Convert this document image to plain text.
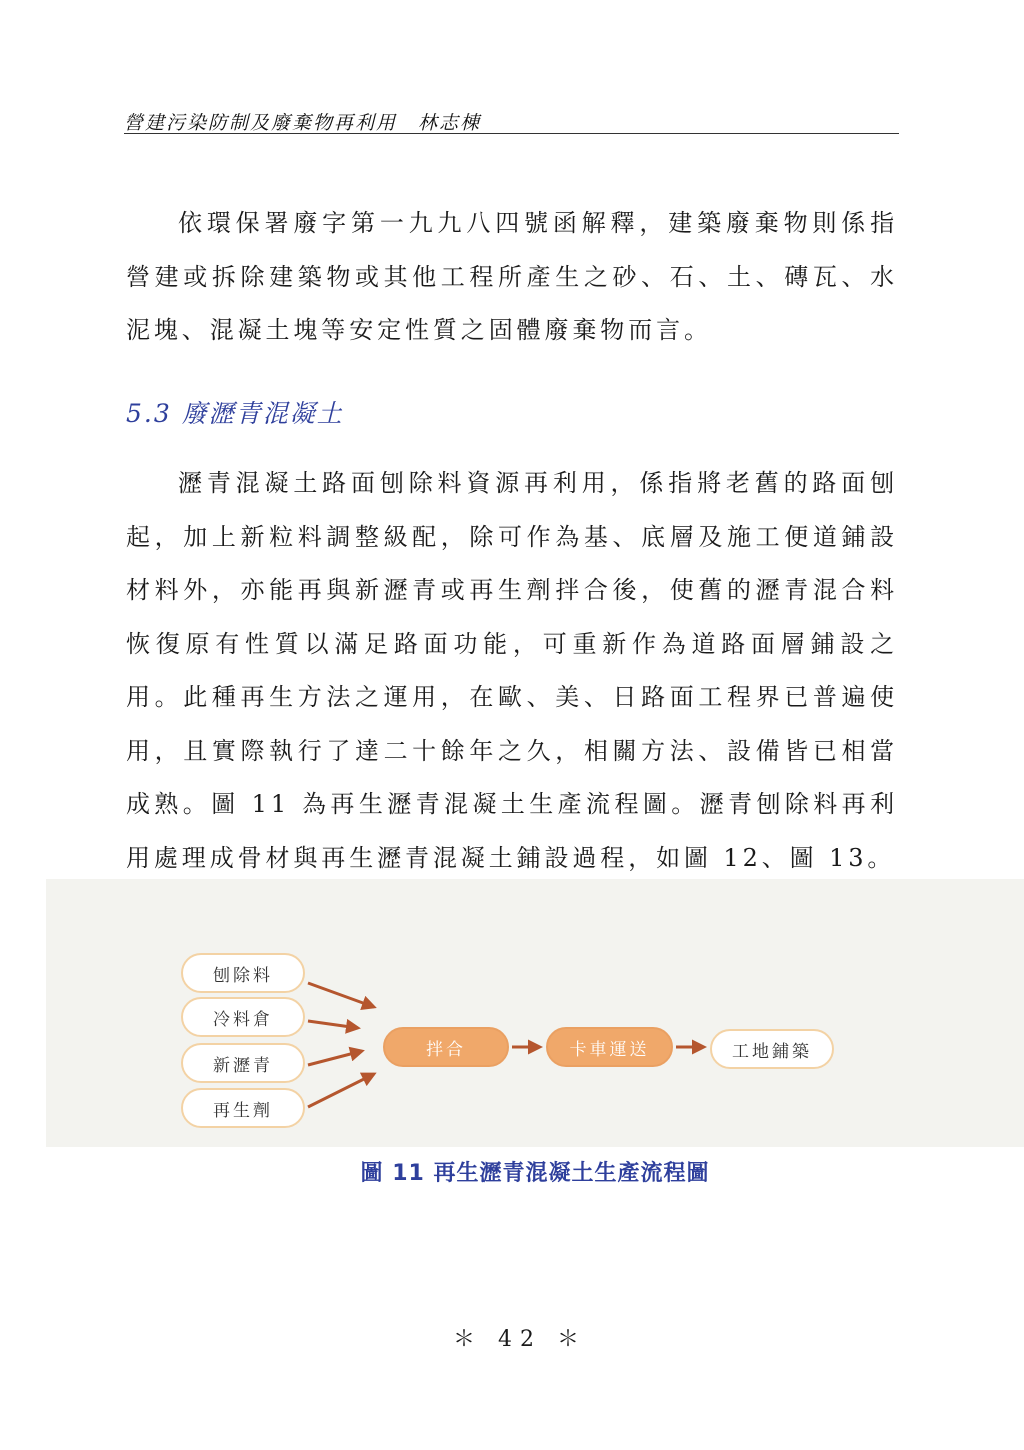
營建污染防制及廢棄物再利用　林志棟

依環保署廢字第一九九八四號函解釋，建築廢棄物則係指營建或拆除建築物或其他工程所產生之砂、石、土、磚瓦、水泥塊、混凝土塊等安定性質之固體廢棄物而言。

5.3 廢瀝青混凝土

瀝青混凝土路面刨除料資源再利用，係指將老舊的路面刨起，加上新粒料調整級配，除可作為基、底層及施工便道鋪設材料外，亦能再與新瀝青或再生劑拌合後，使舊的瀝青混合料恢復原有性質以滿足路面功能，可重新作為道路面層鋪設之用。此種再生方法之運用，在歐、美、日路面工程界已普遍使用，且實際執行了達二十餘年之久，相關方法、設備皆已相當成熟。圖 11 為再生瀝青混凝土生產流程圖。瀝青刨除料再利用處理成骨材與再生瀝青混凝土鋪設過程，如圖 12、圖 13。

刨除料
冷料倉
新瀝青
再生劑
拌合	卡車運送	工地鋪築
圖 11 再生瀝青混凝土生產流程圖
＊ 42 ＊
